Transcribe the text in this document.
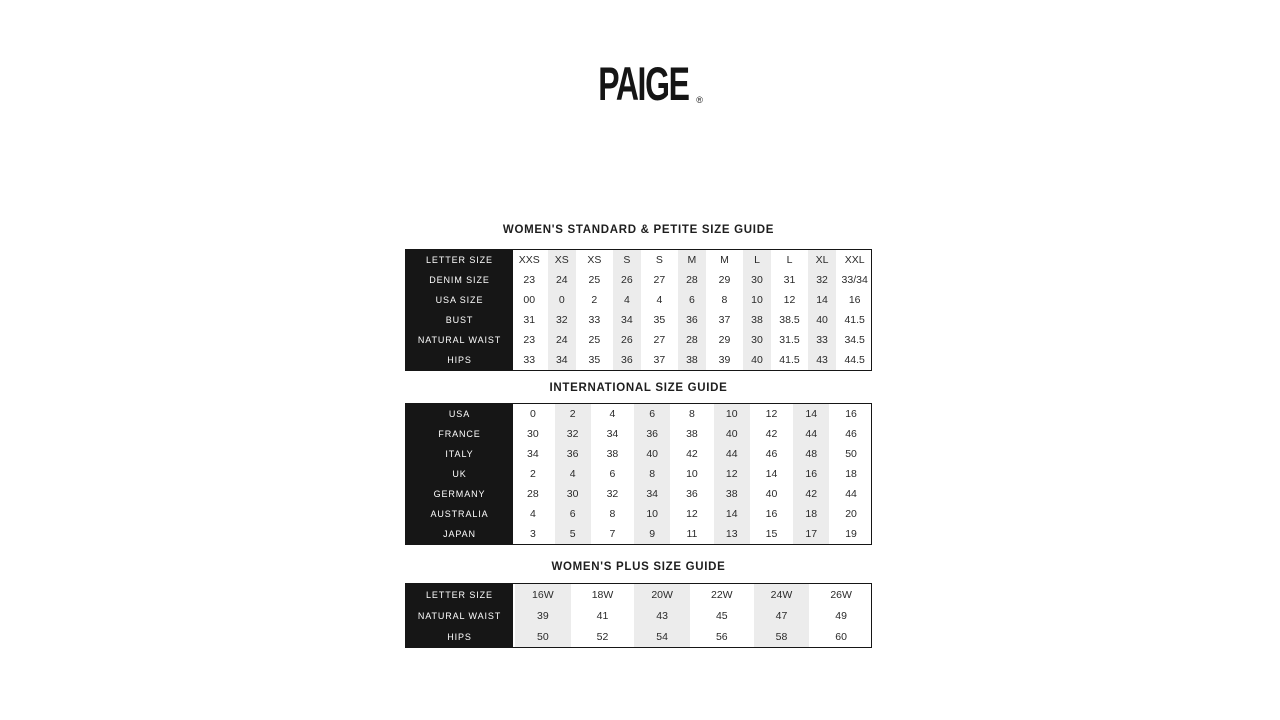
PAIGE ®
WOMEN'S STANDARD & PETITE SIZE GUIDE
LETTER SIZE	XXS	XS	XS	S	S	M	M	L	L	XL	XXL
DENIM SIZE	23	24	25	26	27	28	29	30	31	32	33/34
USA SIZE	00	0	2	4	4	6	8	10	12	14	16
BUST	31	32	33	34	35	36	37	38	38.5	40	41.5
NATURAL WAIST	23	24	25	26	27	28	29	30	31.5	33	34.5
HIPS	33	34	35	36	37	38	39	40	41.5	43	44.5
INTERNATIONAL SIZE GUIDE
USA	0	2	4	6	8	10	12	14	16
FRANCE	30	32	34	36	38	40	42	44	46
ITALY	34	36	38	40	42	44	46	48	50
UK	2	4	6	8	10	12	14	16	18
GERMANY	28	30	32	34	36	38	40	42	44
AUSTRALIA	4	6	8	10	12	14	16	18	20
JAPAN	3	5	7	9	11	13	15	17	19
WOMEN'S PLUS SIZE GUIDE
LETTER SIZE	16W	18W	20W	22W	24W	26W
NATURAL WAIST	39	41	43	45	47	49
HIPS	50	52	54	56	58	60
